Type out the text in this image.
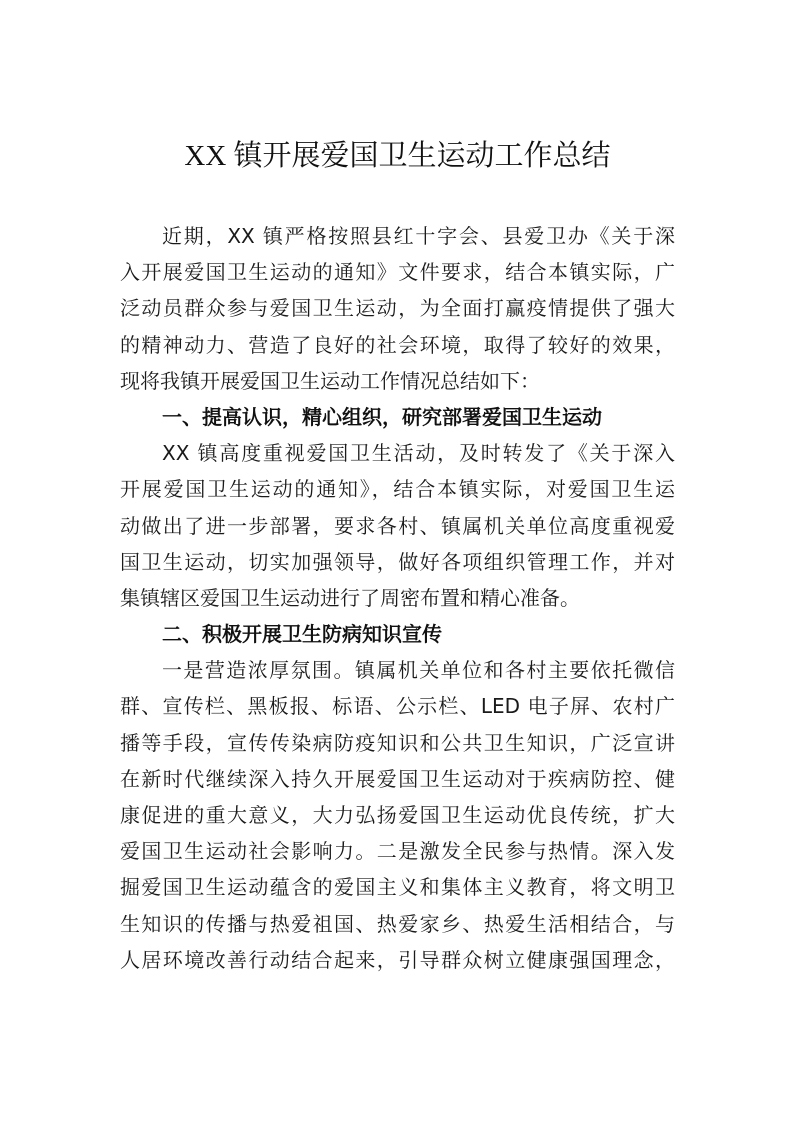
XX 镇开展爱国卫生运动工作总结
近期，XX 镇严格按照县红十字会、县爱卫办《关于深
入开展爱国卫生运动的通知》文件要求，结合本镇实际，广
泛动员群众参与爱国卫生运动，为全面打赢疫情提供了强大
的精神动力、营造了良好的社会环境，取得了较好的效果，
现将我镇开展爱国卫生运动工作情况总结如下：
一、提高认识，精心组织，研究部署爱国卫生运动
XX 镇高度重视爱国卫生活动，及时转发了《关于深入
开展爱国卫生运动的通知》，结合本镇实际，对爱国卫生运
动做出了进一步部署，要求各村、镇属机关单位高度重视爱
国卫生运动，切实加强领导，做好各项组织管理工作，并对
集镇辖区爱国卫生运动进行了周密布置和精心准备。
二、积极开展卫生防病知识宣传
一是营造浓厚氛围。镇属机关单位和各村主要依托微信
群、宣传栏、黑板报、标语、公示栏、LED 电子屏、农村广
播等手段，宣传传染病防疫知识和公共卫生知识，广泛宣讲
在新时代继续深入持久开展爱国卫生运动对于疾病防控、健
康促进的重大意义，大力弘扬爱国卫生运动优良传统，扩大
爱国卫生运动社会影响力。二是激发全民参与热情。深入发
掘爱国卫生运动蕴含的爱国主义和集体主义教育，将文明卫
生知识的传播与热爱祖国、热爱家乡、热爱生活相结合，与
人居环境改善行动结合起来，引导群众树立健康强国理念，
